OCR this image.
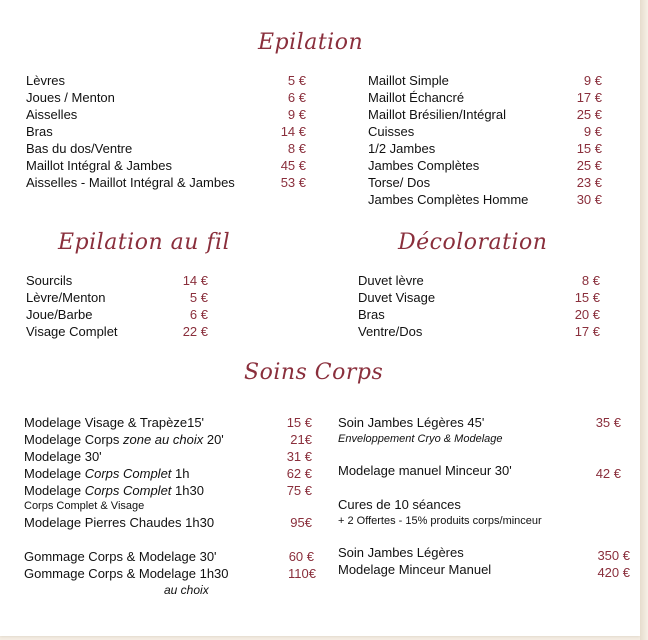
Epilation
Lèvres	5 €
Joues / Menton	6 €
Aisselles	9 €
Bras	14 €
Bas du dos/Ventre	8 €
Maillot Intégral & Jambes	45 €
Aisselles - Maillot Intégral & Jambes	53 €
Maillot Simple	9 €
Maillot Échancré	17 €
Maillot Brésilien/Intégral	25 €
Cuisses	9 €
1/2 Jambes	15 €
Jambes Complètes	25 €
Torse/ Dos	23 €
Jambes Complètes Homme	30 €
Epilation au fil	Décoloration
Sourcils	14 €
Lèvre/Menton	5 €
Joue/Barbe	6 €
Visage Complet	22 €
Duvet lèvre	8 €
Duvet Visage	15 €
Bras	20 €
Ventre/Dos	17 €
Soins Corps
Modelage Visage & Trapèze15'	15 €
Modelage Corps zone au choix 20'	21€
Modelage 30'	31 €
Modelage Corps Complet 1h	62 €
Modelage Corps Complet 1h30	75 €
Corps Complet & Visage
Modelage Pierres Chaudes 1h30	95€
Gommage Corps & Modelage 30'	60 €
Gommage Corps & Modelage 1h30	110€
au choix
Soin Jambes Légères 45'	35 €
Enveloppement Cryo & Modelage
Modelage manuel Minceur 30'	42 €
Cures de 10 séances
+ 2 Offertes - 15% produits corps/minceur
Soin Jambes Légères	350 €
Modelage Minceur Manuel	420 €
